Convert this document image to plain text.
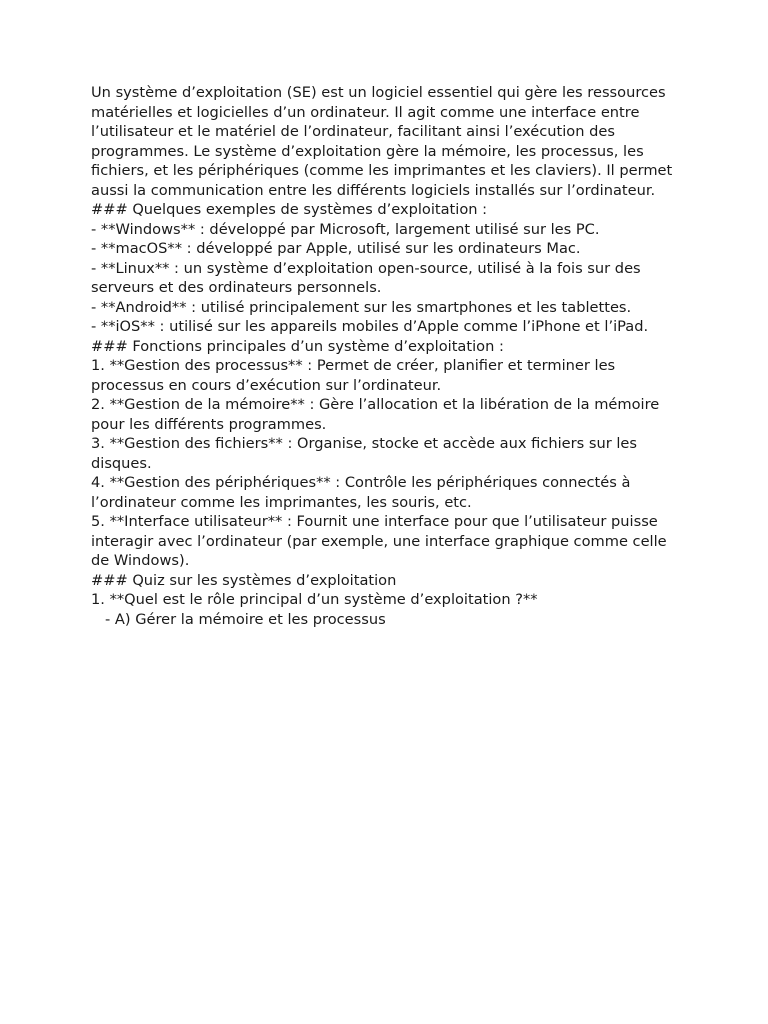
Un système d’exploitation (SE) est un logiciel essentiel qui gère les ressources matérielles et logicielles d’un ordinateur. Il agit comme une interface entre l’utilisateur et le matériel de l’ordinateur, facilitant ainsi l’exécution des programmes. Le système d’exploitation gère la mémoire, les processus, les fichiers, et les périphériques (comme les imprimantes et les claviers). Il permet aussi la communication entre les différents logiciels installés sur l’ordinateur.

### Quelques exemples de systèmes d’exploitation :

- **Windows** : développé par Microsoft, largement utilisé sur les PC.

- **macOS** : développé par Apple, utilisé sur les ordinateurs Mac.

- **Linux** : un système d’exploitation open-source, utilisé à la fois sur des serveurs et des ordinateurs personnels.

- **Android** : utilisé principalement sur les smartphones et les tablettes.

- **iOS** : utilisé sur les appareils mobiles d’Apple comme l’iPhone et l’iPad.

### Fonctions principales d’un système d’exploitation :

1. **Gestion des processus** : Permet de créer, planifier et terminer les processus en cours d’exécution sur l’ordinateur.

2. **Gestion de la mémoire** : Gère l’allocation et la libération de la mémoire pour les différents programmes.

3. **Gestion des fichiers** : Organise, stocke et accède aux fichiers sur les disques.

4. **Gestion des périphériques** : Contrôle les périphériques connectés à l’ordinateur comme les imprimantes, les souris, etc.

5. **Interface utilisateur** : Fournit une interface pour que l’utilisateur puisse interagir avec l’ordinateur (par exemple, une interface graphique comme celle de Windows).

### Quiz sur les systèmes d’exploitation

1. **Quel est le rôle principal d’un système d’exploitation ?**

- A) Gérer la mémoire et les processus
